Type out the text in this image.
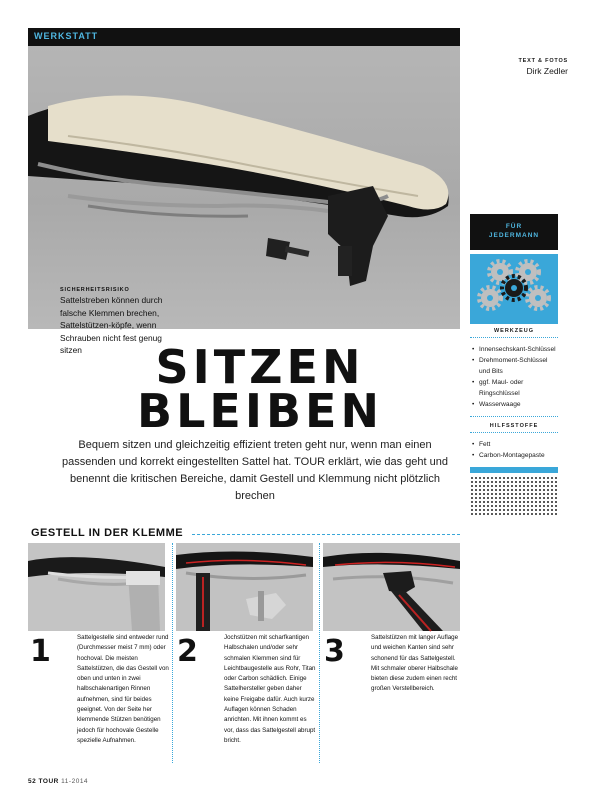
WERKSTATT
SICHERHEITSRISIKO
Sattelstreben können durch falsche Klemmen brechen, Sattelstützen-köpfe, wenn Schrauben nicht fest genug sitzen
TEXT & FOTOS
Dirk Zedler
FÜR
JEDERMANN
WERKZEUG
• Innensechskant-Schlüssel
• Drehmoment-Schlüssel und Bits
• ggf. Maul- oder Ringschlüssel
• Wasserwaage
HILFSSTOFFE
• Fett
• Carbon-Montagepaste
SITZEN
BLEIBEN
Bequem sitzen und gleichzeitig effizient treten geht nur, wenn man einen passenden und korrekt eingestellten Sattel hat. TOUR erklärt, wie das geht und benennt die kritischen Bereiche, damit Gestell und Klemmung nicht plötzlich brechen
GESTELL IN DER KLEMME
1	Sattelgestelle sind entweder rund (Durchmesser meist 7 mm) oder hochoval. Die meisten Sattelstützen, die das Gestell von oben und unten in zwei halbschalenartigen Rinnen aufnehmen, sind für beides geeignet. Von der Seite her klemmende Stützen benötigen jedoch für hochovale Gestelle spezielle Aufnahmen.
2	Jochstützen mit scharfkantigen Halbschalen und/oder sehr schmalen Klemmen sind für Leichtbaugestelle aus Rohr, Titan oder Carbon schädlich. Einige Sattelhersteller geben daher keine Freigabe dafür. Auch kurze Auflagen können Schaden anrichten. Mit ihnen kommt es vor, dass das Sattelgestell abrupt bricht.
3	Sattelstützen mit langer Auflage und weichen Kanten sind sehr schonend für das Sattelgestell. Mit schmaler oberer Halbschale bieten diese zudem einen recht großen Verstellbereich.
52 TOUR 11-2014
